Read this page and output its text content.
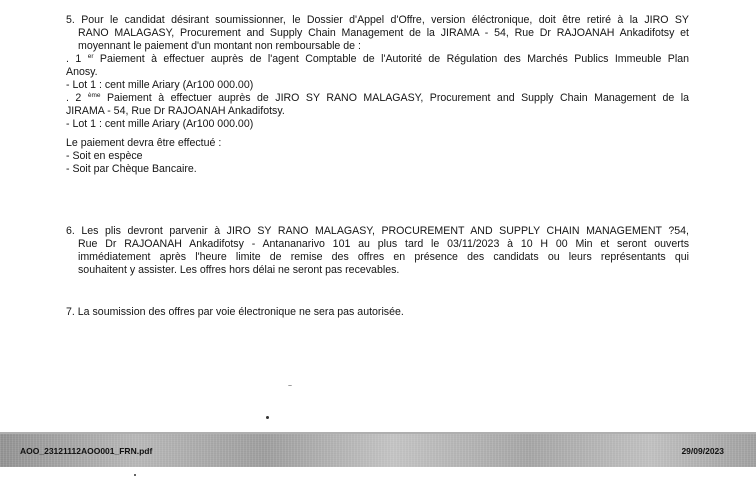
5. Pour le candidat désirant soumissionner, le Dossier d'Appel d'Offre, version éléctronique, doit être retiré à la JIRO SY
RANO MALAGASY, Procurement and Supply Chain Management de la JIRAMA - 54, Rue Dr RAJOANAH Ankadifotsy et
moyennant le paiement d'un montant non remboursable de :
. 1 $^{er}$ Paiement à effectuer auprès de l'agent Comptable de l'Autorité de Régulation des Marchés Publics Immeuble Plan
Anosy.
- Lot 1 : cent mille Ariary (Ar100 000.00)
. 2 $^{ème}$ Paiement à effectuer auprès de JIRO SY RANO MALAGASY, Procurement and Supply Chain Management de la
JIRAMA - 54, Rue Dr RAJOANAH Ankadifotsy.
- Lot 1 : cent mille Ariary (Ar100 000.00)
Le paiement devra être effectué :
- Soit en espèce
- Soit par Chèque Bancaire.
6. Les plis devront parvenir à JIRO SY RANO MALAGASY, PROCUREMENT AND SUPPLY CHAIN MANAGEMENT ?54,
Rue Dr RAJOANAH Ankadifotsy - Antananarivo 101 au plus tard le 03/11/2023 à 10 H 00 Min et seront ouverts
immédiatement après l'heure limite de remise des offres en présence des candidats ou leurs représentants qui
souhaitent y assister. Les offres hors délai ne seront pas recevables.
7. La soumission des offres par voie électronique ne sera pas autorisée.
AOO_23121112AOO001_FRN.pdf	29/09/2023
